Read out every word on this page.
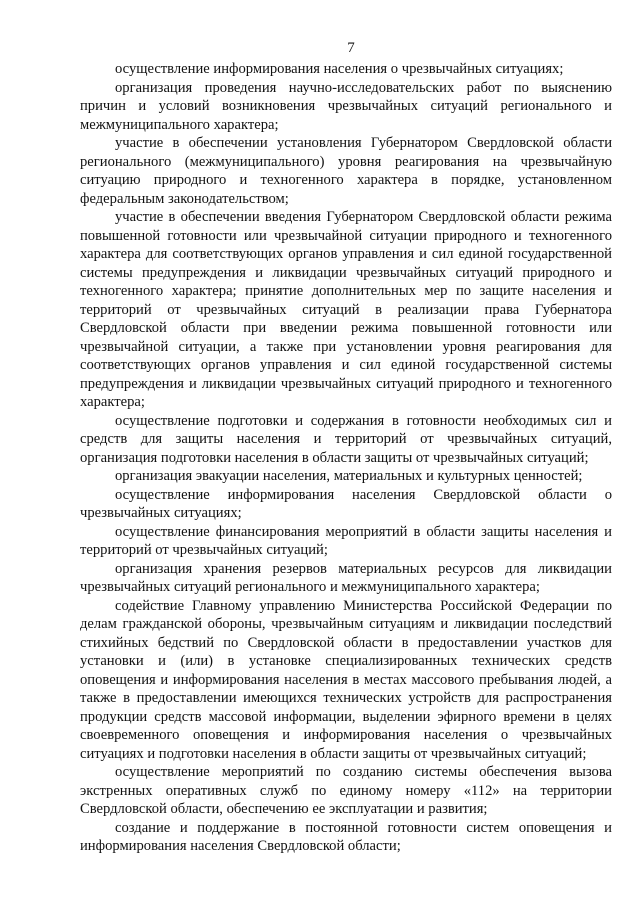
7

осуществление информирования населения о чрезвычайных ситуациях;

организация проведения научно-исследовательских работ по выяснению причин и условий возникновения чрезвычайных ситуаций регионального и межмуниципального характера;

участие в обеспечении установления Губернатором Свердловской области регионального (межмуниципального) уровня реагирования на чрезвычайную ситуацию природного и техногенного характера в порядке, установленном федеральным законодательством;

участие в обеспечении введения Губернатором Свердловской области режима повышенной готовности или чрезвычайной ситуации природного и техногенного характера для соответствующих органов управления и сил единой государственной системы предупреждения и ликвидации чрезвычайных ситуаций природного и техногенного характера; принятие дополнительных мер по защите населения и территорий от чрезвычайных ситуаций в реализации права Губернатора Свердловской области при введении режима повышенной готовности или чрезвычайной ситуации, а также при установлении уровня реагирования для соответствующих органов управления и сил единой государственной системы предупреждения и ликвидации чрезвычайных ситуаций природного и техногенного характера;

осуществление подготовки и содержания в готовности необходимых сил и средств для защиты населения и территорий от чрезвычайных ситуаций, организация подготовки населения в области защиты от чрезвычайных ситуаций;

организация эвакуации населения, материальных и культурных ценностей;

осуществление информирования населения Свердловской области о чрезвычайных ситуациях;

осуществление финансирования мероприятий в области защиты населения и территорий от чрезвычайных ситуаций;

организация хранения резервов материальных ресурсов для ликвидации чрезвычайных ситуаций регионального и межмуниципального характера;

содействие Главному управлению Министерства Российской Федерации по делам гражданской обороны, чрезвычайным ситуациям и ликвидации последствий стихийных бедствий по Свердловской области в предоставлении участков для установки и (или) в установке специализированных технических средств оповещения и информирования населения в местах массового пребывания людей, а также в предоставлении имеющихся технических устройств для распространения продукции средств массовой информации, выделении эфирного времени в целях своевременного оповещения и информирования населения о чрезвычайных ситуациях и подготовки населения в области защиты от чрезвычайных ситуаций;

осуществление мероприятий по созданию системы обеспечения вызова экстренных оперативных служб по единому номеру «112» на территории Свердловской области, обеспечению ее эксплуатации и развития;

создание и поддержание в постоянной готовности систем оповещения и информирования населения Свердловской области;
